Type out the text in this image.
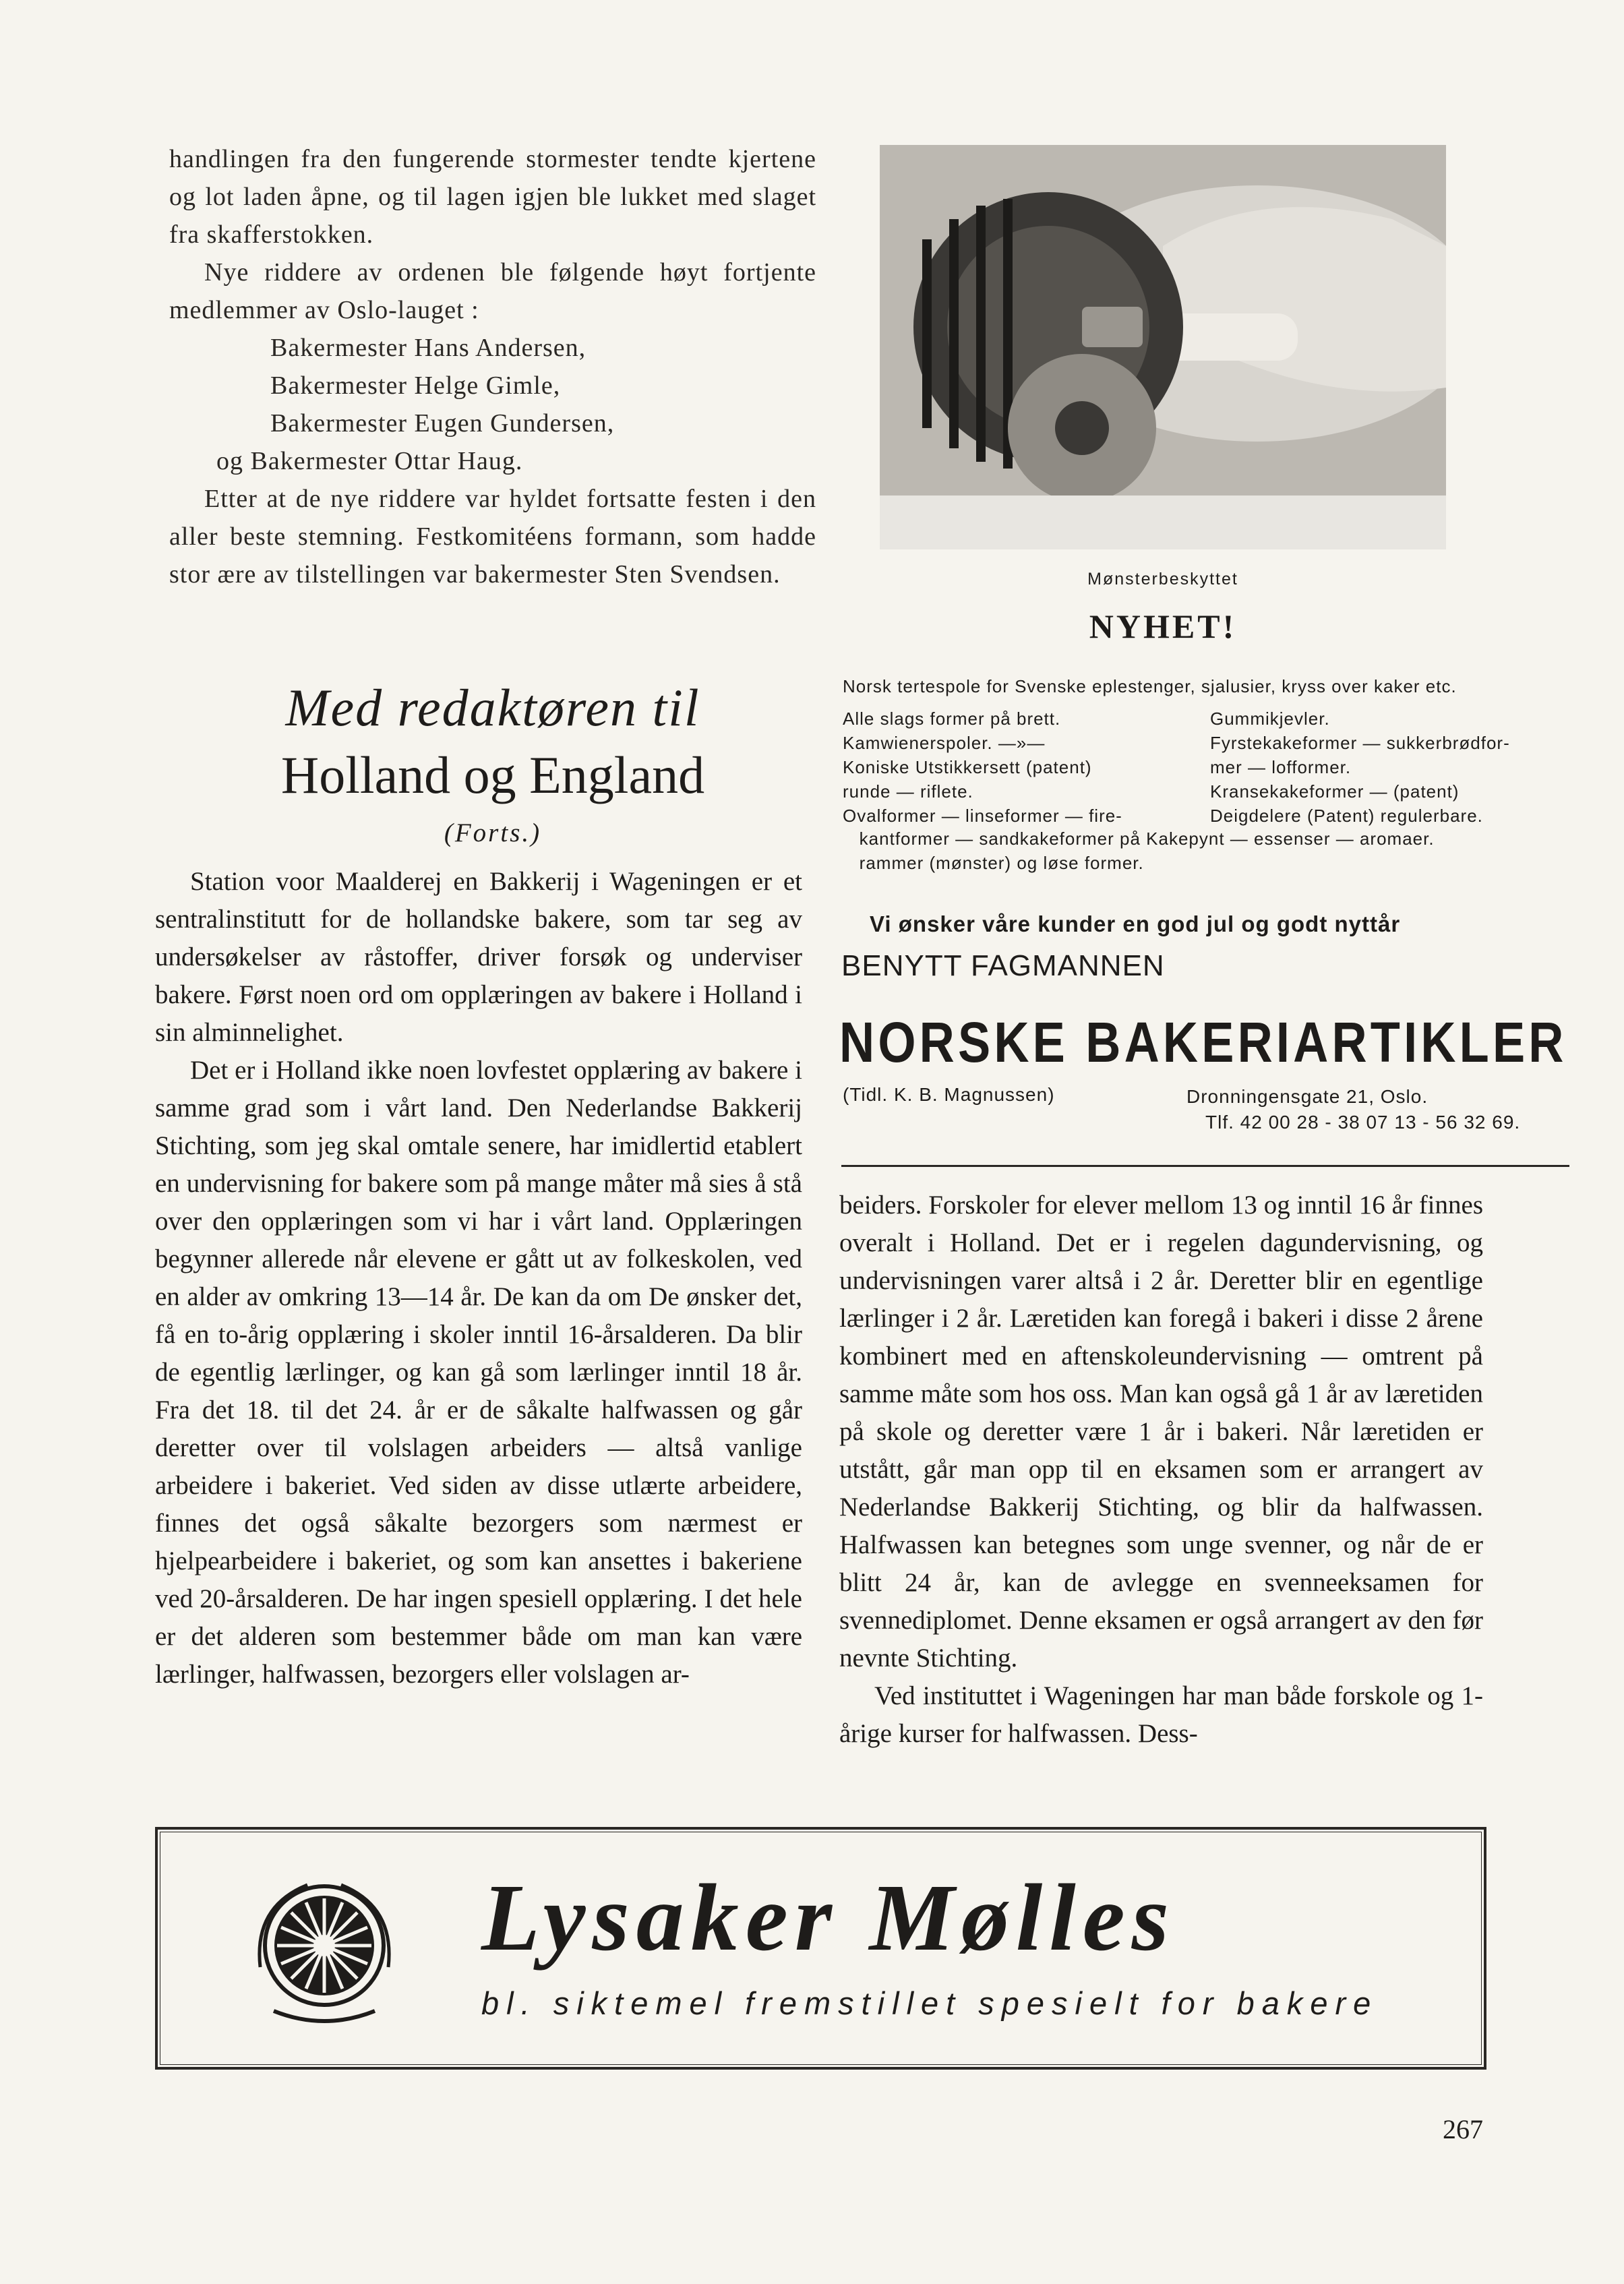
handlingen fra den fungerende stormester tendte kjertene og lot laden åpne, og til lagen igjen ble lukket med slaget fra skafferstokken.

Nye riddere av ordenen ble følgende høyt fortjente medlemmer av Oslo-lauget :

Bakermester Hans Andersen,
Bakermester Helge Gimle,
Bakermester Eugen Gundersen,
og Bakermester Ottar Haug.

Etter at de nye riddere var hyldet fortsatte festen i den aller beste stemning. Festkomitéens formann, som hadde stor ære av tilstellingen var bakermester Sten Svendsen.

Med redaktøren til
Holland og England
(Forts.)

Station voor Maalderej en Bakkerij i Wageningen er et sentralinstitutt for de hollandske bakere, som tar seg av undersøkelser av råstoffer, driver forsøk og underviser bakere. Først noen ord om opplæringen av bakere i Holland i sin alminnelighet.

Det er i Holland ikke noen lovfestet opplæring av bakere i samme grad som i vårt land. Den Nederlandse Bakkerij Stichting, som jeg skal omtale senere, har imidlertid etablert en undervisning for bakere som på mange måter må sies å stå over den opplæringen som vi har i vårt land. Opplæringen begynner allerede når elevene er gått ut av folkeskolen, ved en alder av omkring 13—14 år. De kan da om De ønsker det, få en to-årig opplæring i skoler inntil 16-årsalderen. Da blir de egentlig lærlinger, og kan gå som lærlinger inntil 18 år. Fra det 18. til det 24. år er de såkalte halfwassen og går deretter over til volslagen arbeiders — altså vanlige arbeidere i bakeriet. Ved siden av disse utlærte arbeidere, finnes det også såkalte bezorgers som nærmest er hjelpearbeidere i bakeriet, og som kan ansettes i bakeriene ved 20-årsalderen. De har ingen spesiell opplæring. I det hele er det alderen som bestemmer både om man kan være lærlinger, halfwassen, bezorgers eller volslagen ar-

beiders. Forskoler for elever mellom 13 og inntil 16 år finnes overalt i Holland. Det er i regelen dagundervisning, og undervisningen varer altså i 2 år. Deretter blir en egentlige lærlinger i 2 år. Læretiden kan foregå i bakeri i disse 2 årene kombinert med en aftenskoleundervisning — omtrent på samme måte som hos oss. Man kan også gå 1 år av læretiden på skole og deretter være 1 år i bakeri. Når læretiden er utstått, går man opp til en eksamen som er arrangert av Nederlandse Bakkerij Stichting, og blir da halfwassen. Halfwassen kan betegnes som unge svenner, og når de er blitt 24 år, kan de avlegge en svenneeksamen for svennediplomet. Denne eksamen er også arrangert av den før nevnte Stichting.

Ved instituttet i Wageningen har man både forskole og 1-årige kurser for halfwassen. Dess-

Mønsterbeskyttet
NYHET!
Norsk tertespole for Svenske eplestenger, sjalusier, kryss over kaker etc.
Alle slags former på brett.
Kamwienerspoler. —»—
Koniske Utstikkersett (patent)
runde — riflete.
Ovalformer — linseformer — fire-
Gummikjevler.
Fyrstekakeformer — sukkerbrødfor-
mer — lofformer.
Kransekakeformer — (patent)
Deigdelere (Patent) regulerbare.
kantformer — sandkakeformer på Kakepynt — essenser — aromaer.
rammer (mønster) og løse former.
Vi ønsker våre kunder en god jul og godt nyttår
BENYTT FAGMANNEN
NORSKE BAKERIARTIKLER
(Tidl. K. B. Magnussen)	Dronningensgate 21, Oslo.
Tlf. 42 00 28 - 38 07 13 - 56 32 69.
Lysaker Mølles
bl. siktemel fremstillet spesielt for bakere
267
